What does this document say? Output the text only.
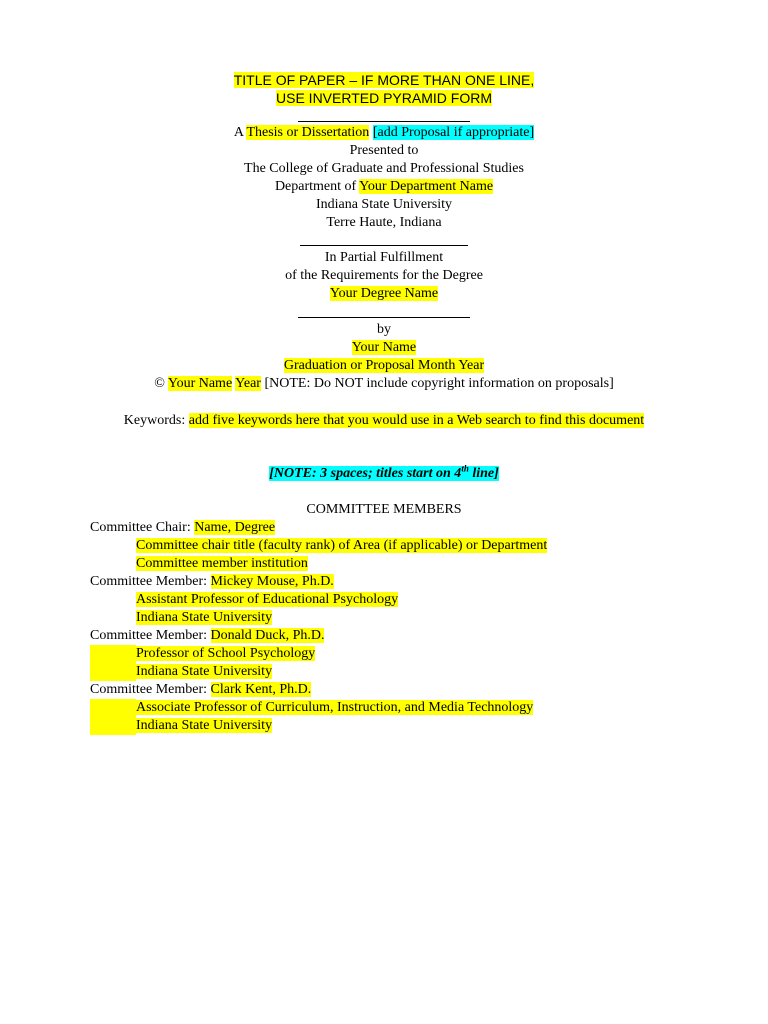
TITLE OF PAPER – IF MORE THAN ONE LINE,
USE INVERTED PYRAMID FORM
A Thesis or Dissertation [add Proposal if appropriate]
Presented to
The College of Graduate and Professional Studies
Department of Your Department Name
Indiana State University
Terre Haute, Indiana
In Partial Fulfillment
of the Requirements for the Degree
Your Degree Name
by
Your Name
Graduation or Proposal Month Year
© Your Name Year [NOTE: Do NOT include copyright information on proposals]
Keywords: add five keywords here that you would use in a Web search to find this document
[NOTE: 3 spaces; titles start on 4th line]
COMMITTEE MEMBERS
Committee Chair: Name, Degree
Committee chair title (faculty rank) of Area (if applicable) or Department
Committee member institution
Committee Member: Mickey Mouse, Ph.D.
Assistant Professor of Educational Psychology
Indiana State University
Committee Member: Donald Duck, Ph.D.
Professor of School Psychology
Indiana State University
Committee Member: Clark Kent, Ph.D.
Associate Professor of Curriculum, Instruction, and Media Technology
Indiana State University
